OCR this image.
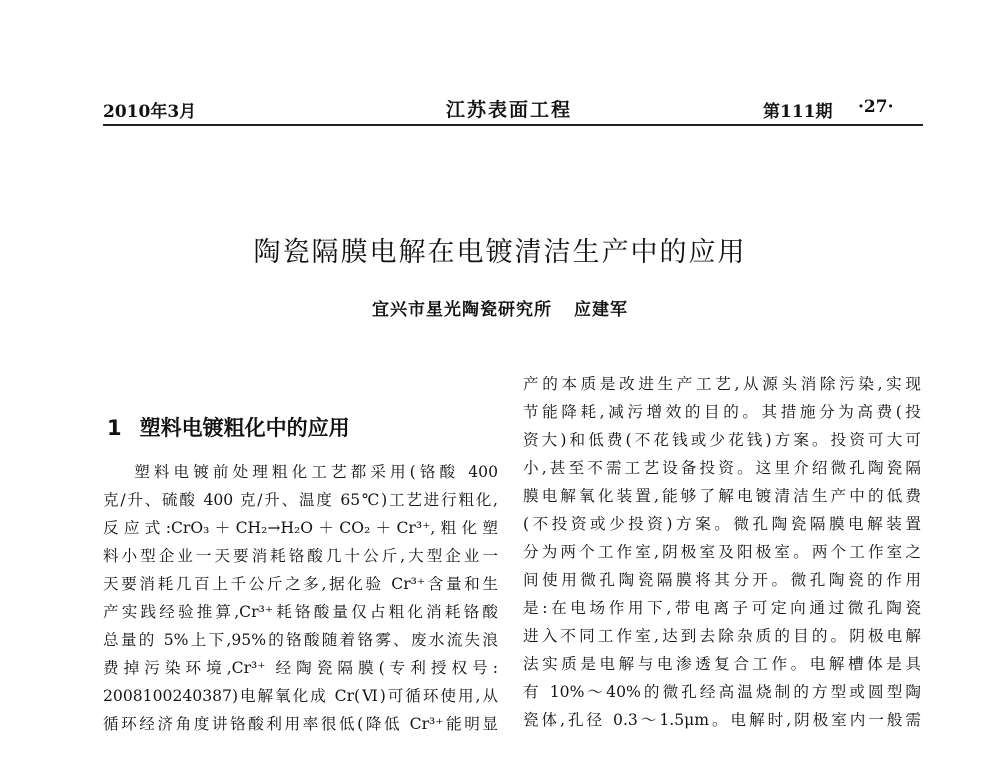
2010年3月	江苏表面工程	第111期 ·27·
陶瓷隔膜电解在电镀清洁生产中的应用
宜兴市星光陶瓷研究所 应建军
1 塑料电镀粗化中的应用
塑料电镀前处理粗化工艺都采用(铬酸 400
克/升、硫酸 400 克/升、温度 65℃)工艺进行粗化,
反应式:CrO₃＋CH₂→H₂O＋CO₂＋Cr³⁺,粗化塑
料小型企业一天要消耗铬酸几十公斤,大型企业一
天要消耗几百上千公斤之多,据化验 Cr³⁺含量和生
产实践经验推算,Cr³⁺耗铬酸量仅占粗化消耗铬酸
总量的 5%上下,95%的铬酸随着铬雾、废水流失浪
费掉污染环境,Cr³⁺ 经陶瓷隔膜(专利授权号:
2008100240387)电解氧化成 Cr(Ⅵ)可循环使用,从
循环经济角度讲铬酸利用率很低(降低 Cr³⁺能明显
产的本质是改进生产工艺,从源头消除污染,实现
节能降耗,减污增效的目的。其措施分为高费(投
资大)和低费(不花钱或少花钱)方案。投资可大可
小,甚至不需工艺设备投资。这里介绍微孔陶瓷隔
膜电解氧化装置,能够了解电镀清洁生产中的低费
(不投资或少投资)方案。微孔陶瓷隔膜电解装置
分为两个工作室,阴极室及阳极室。两个工作室之
间使用微孔陶瓷隔膜将其分开。微孔陶瓷的作用
是:在电场作用下,带电离子可定向通过微孔陶瓷
进入不同工作室,达到去除杂质的目的。阴极电解
法实质是电解与电渗透复合工作。电解槽体是具
有 10%～40%的微孔经高温烧制的方型或圆型陶
瓷体,孔径 0.3～1.5μm。电解时,阴极室内一般需
